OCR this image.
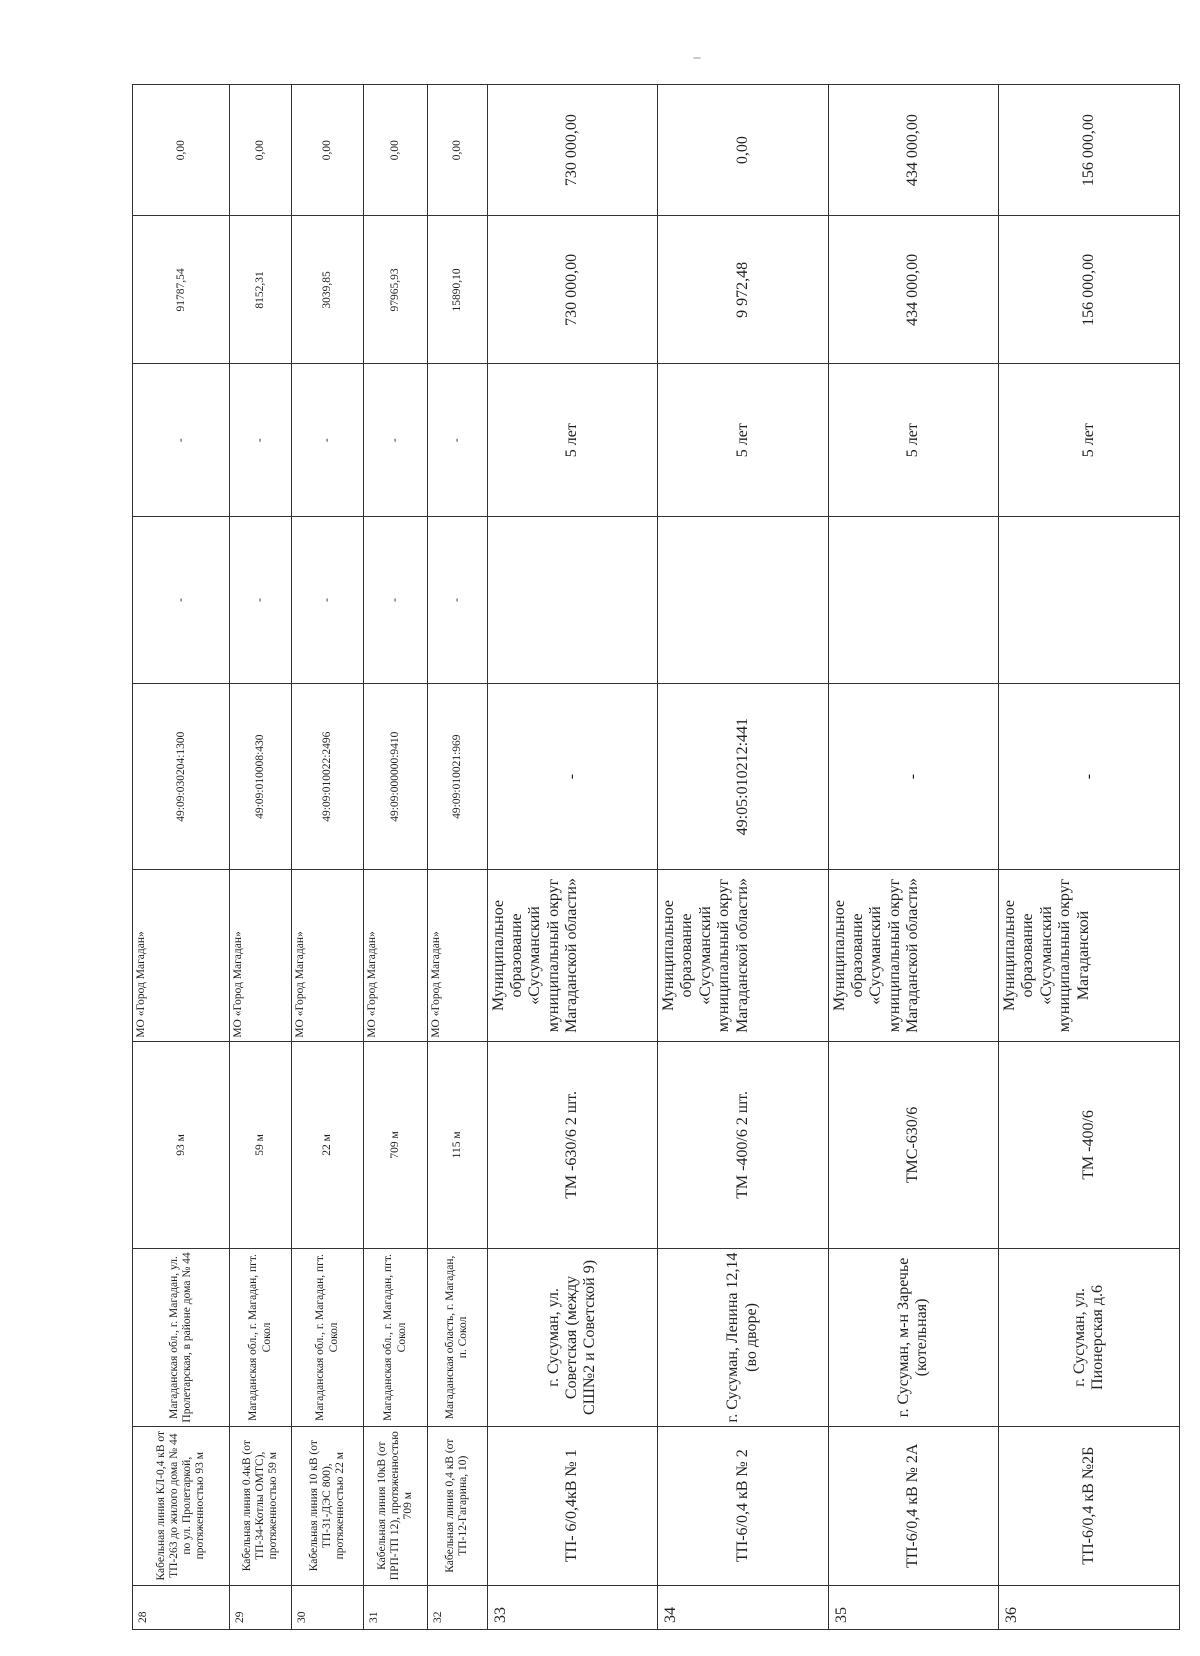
ǁ
28	Кабельная линия КЛ-0,4 кВ от ТП-263 до жилого дома № 44 по ул. Пролетаркой, протяженностью 93 м	Магаданская обл., г. Магадан, ул. Пролетарская, в районе дома № 44	93 м	МО «Город Магадан»	49:09:030204:1300	-	-	91787,54	0,00
29	Кабельная линия 0.4кВ (от ТП-34-Котлы ОМТС), протяженностью 59 м	Магаданская обл., г. Магадан, пгт. Сокол	59 м	МО «Город Магадан»	49:09:010008:430	-	-	8152,31	0,00
30	Кабельная линия 10 кВ (от ТП-31-ДЭС 800), протяженностью 22 м	Магаданская обл., г. Магадан, пгт. Сокол	22 м	МО «Город Магадан»	49:09:010022:2496	-	-	3039,85	0,00
31	Кабельная линия 10кВ (от ПРП-ТП 12), протяженностью 709 м	Магаданская обл., г. Магадан, пгт. Сокол	709 м	МО «Город Магадан»	49:09:000000:9410	-	-	97965,93	0,00
32	Кабельная линия 0,4 кВ (от ТП-12-Гагарина, 10)	Магаданская область, г. Магадан, п. Сокол	115 м	МО «Город Магадан»	49:09:010021:969	-	-	15890,10	0,00
33	ТП- 6/0,4кВ № 1	г. Сусуман, ул. Советская (между СШ№2 и Советской 9)	ТМ -630/6 2 шт.	Муниципальное образование «Сусуманский муниципальный округ Магаданской области»	-		5 лет	730 000,00	730 000,00
34	ТП-6/0,4 кВ № 2	г. Сусуман, Ленина 12,14 (во дворе)	ТМ -400/6 2 шт.	Муниципальное образование «Сусуманский муниципальный округ Магаданской области»	49:05:010212:441		5 лет	9 972,48	0,00
35	ТП-6/0,4 кВ № 2А	г. Сусуман, м-н Заречье (котельная)	ТМС-630/6	Муниципальное образование «Сусуманский муниципальный округ Магаданской области»	-		5 лет	434 000,00	434 000,00
36	ТП-6/0,4 кВ №2Б	г. Сусуман, ул. Пионерская д.6	ТМ -400/6	Муниципальное образование «Сусуманский муниципальный округ Магаданской	-		5 лет	156 000,00	156 000,00
